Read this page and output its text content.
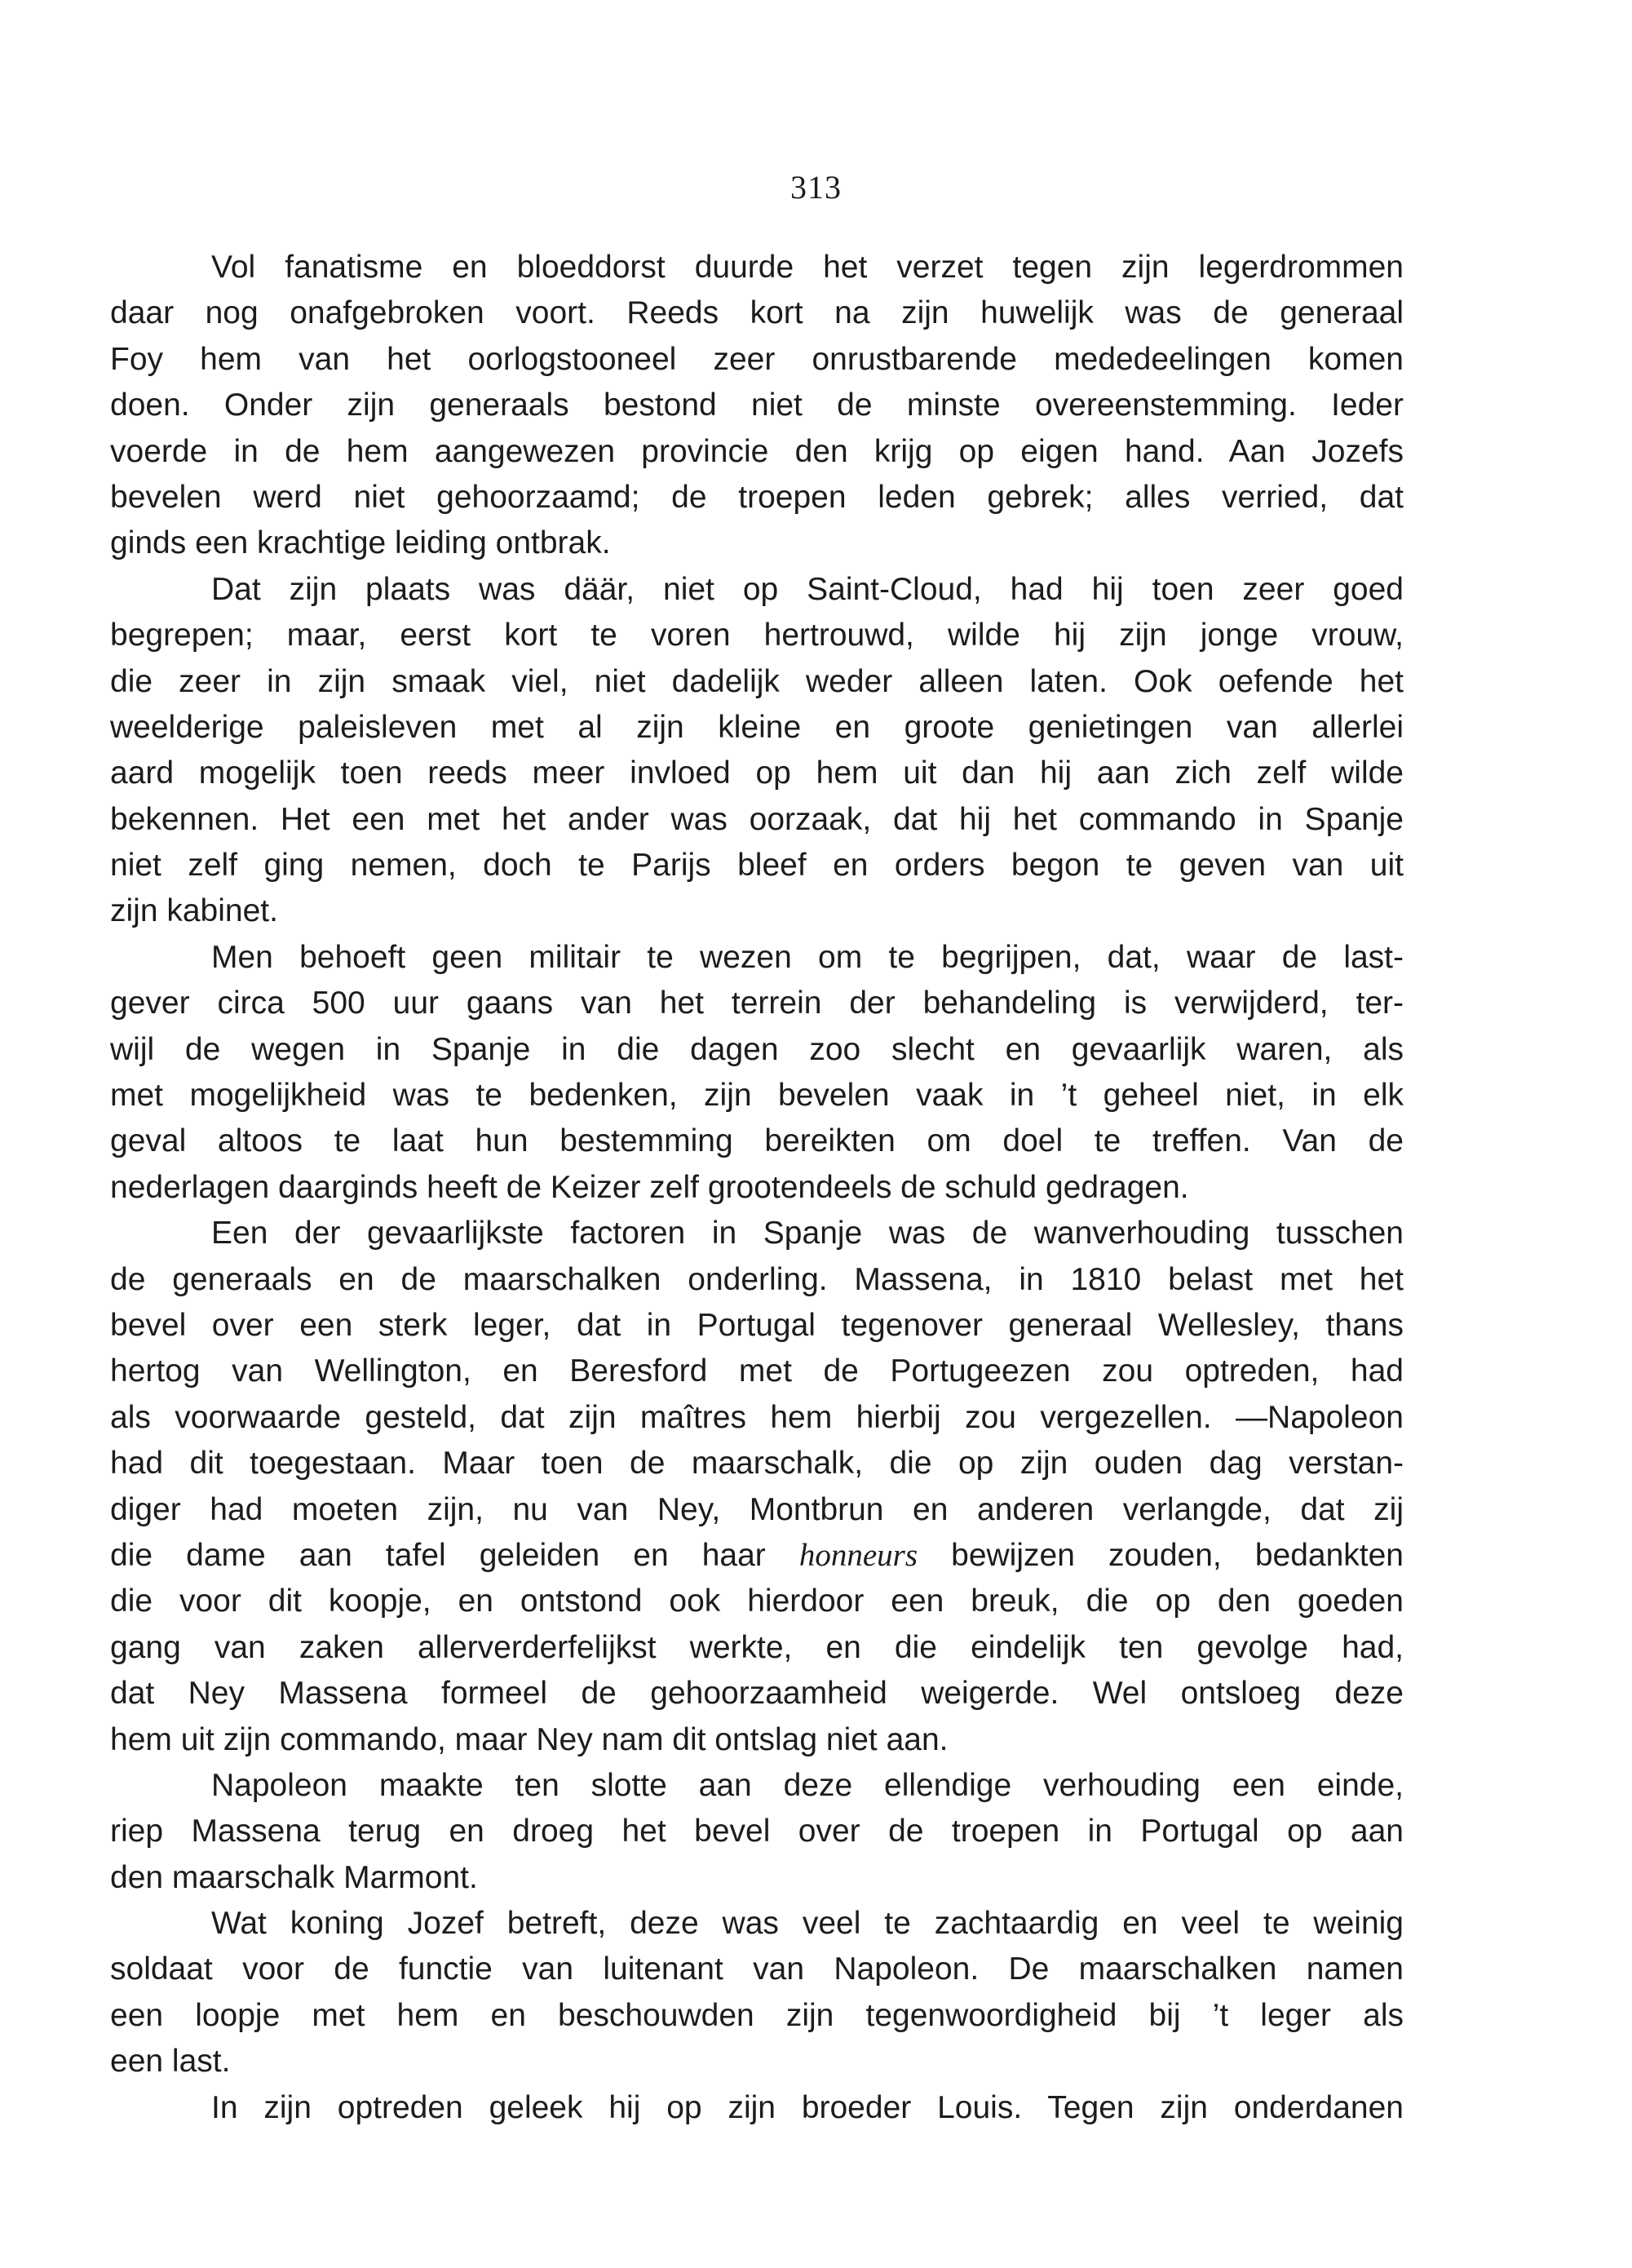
313
Vol fanatisme en bloeddorst duurde het verzet tegen zijn legerdrommen
daar nog onafgebroken voort. Reeds kort na zijn huwelijk was de generaal
Foy hem van het oorlogstooneel zeer onrustbarende mededeelingen komen
doen. Onder zijn generaals bestond niet de minste overeenstemming. Ieder
voerde in de hem aangewezen provincie den krijg op eigen hand. Aan Jozefs
bevelen werd niet gehoorzaamd; de troepen leden gebrek; alles verried, dat
ginds een krachtige leiding ontbrak.
Dat zijn plaats was däär, niet op Saint-Cloud, had hij toen zeer goed
begrepen; maar, eerst kort te voren hertrouwd, wilde hij zijn jonge vrouw,
die zeer in zijn smaak viel, niet dadelijk weder alleen laten. Ook oefende het
weelderige paleisleven met al zijn kleine en groote genietingen van allerlei
aard mogelijk toen reeds meer invloed op hem uit dan hij aan zich zelf wilde
bekennen. Het een met het ander was oorzaak, dat hij het commando in Spanje
niet zelf ging nemen, doch te Parijs bleef en orders begon te geven van uit
zijn kabinet.
Men behoeft geen militair te wezen om te begrijpen, dat, waar de last-
gever circa 500 uur gaans van het terrein der behandeling is verwijderd, ter-
wijl de wegen in Spanje in die dagen zoo slecht en gevaarlijk waren, als
met mogelijkheid was te bedenken, zijn bevelen vaak in ’t geheel niet, in elk
geval altoos te laat hun bestemming bereikten om doel te treffen. Van de
nederlagen daarginds heeft de Keizer zelf grootendeels de schuld gedragen.
Een der gevaarlijkste factoren in Spanje was de wanverhouding tusschen
de generaals en de maarschalken onderling. Massena, in 1810 belast met het
bevel over een sterk leger, dat in Portugal tegenover generaal Wellesley, thans
hertog van Wellington, en Beresford met de Portugeezen zou optreden, had
als voorwaarde gesteld, dat zijn maîtres hem hierbij zou vergezellen. —Napoleon
had dit toegestaan. Maar toen de maarschalk, die op zijn ouden dag verstan-
diger had moeten zijn, nu van Ney, Montbrun en anderen verlangde, dat zij
die dame aan tafel geleiden en haar honneurs bewijzen zouden, bedankten
die voor dit koopje, en ontstond ook hierdoor een breuk, die op den goeden
gang van zaken allerverderfelijkst werkte, en die eindelijk ten gevolge had,
dat Ney Massena formeel de gehoorzaamheid weigerde. Wel ontsloeg deze
hem uit zijn commando, maar Ney nam dit ontslag niet aan.
Napoleon maakte ten slotte aan deze ellendige verhouding een einde,
riep Massena terug en droeg het bevel over de troepen in Portugal op aan
den maarschalk Marmont.
Wat koning Jozef betreft, deze was veel te zachtaardig en veel te weinig
soldaat voor de functie van luitenant van Napoleon. De maarschalken namen
een loopje met hem en beschouwden zijn tegenwoordigheid bij ’t leger als
een last.
In zijn optreden geleek hij op zijn broeder Louis. Tegen zijn onderdanen
